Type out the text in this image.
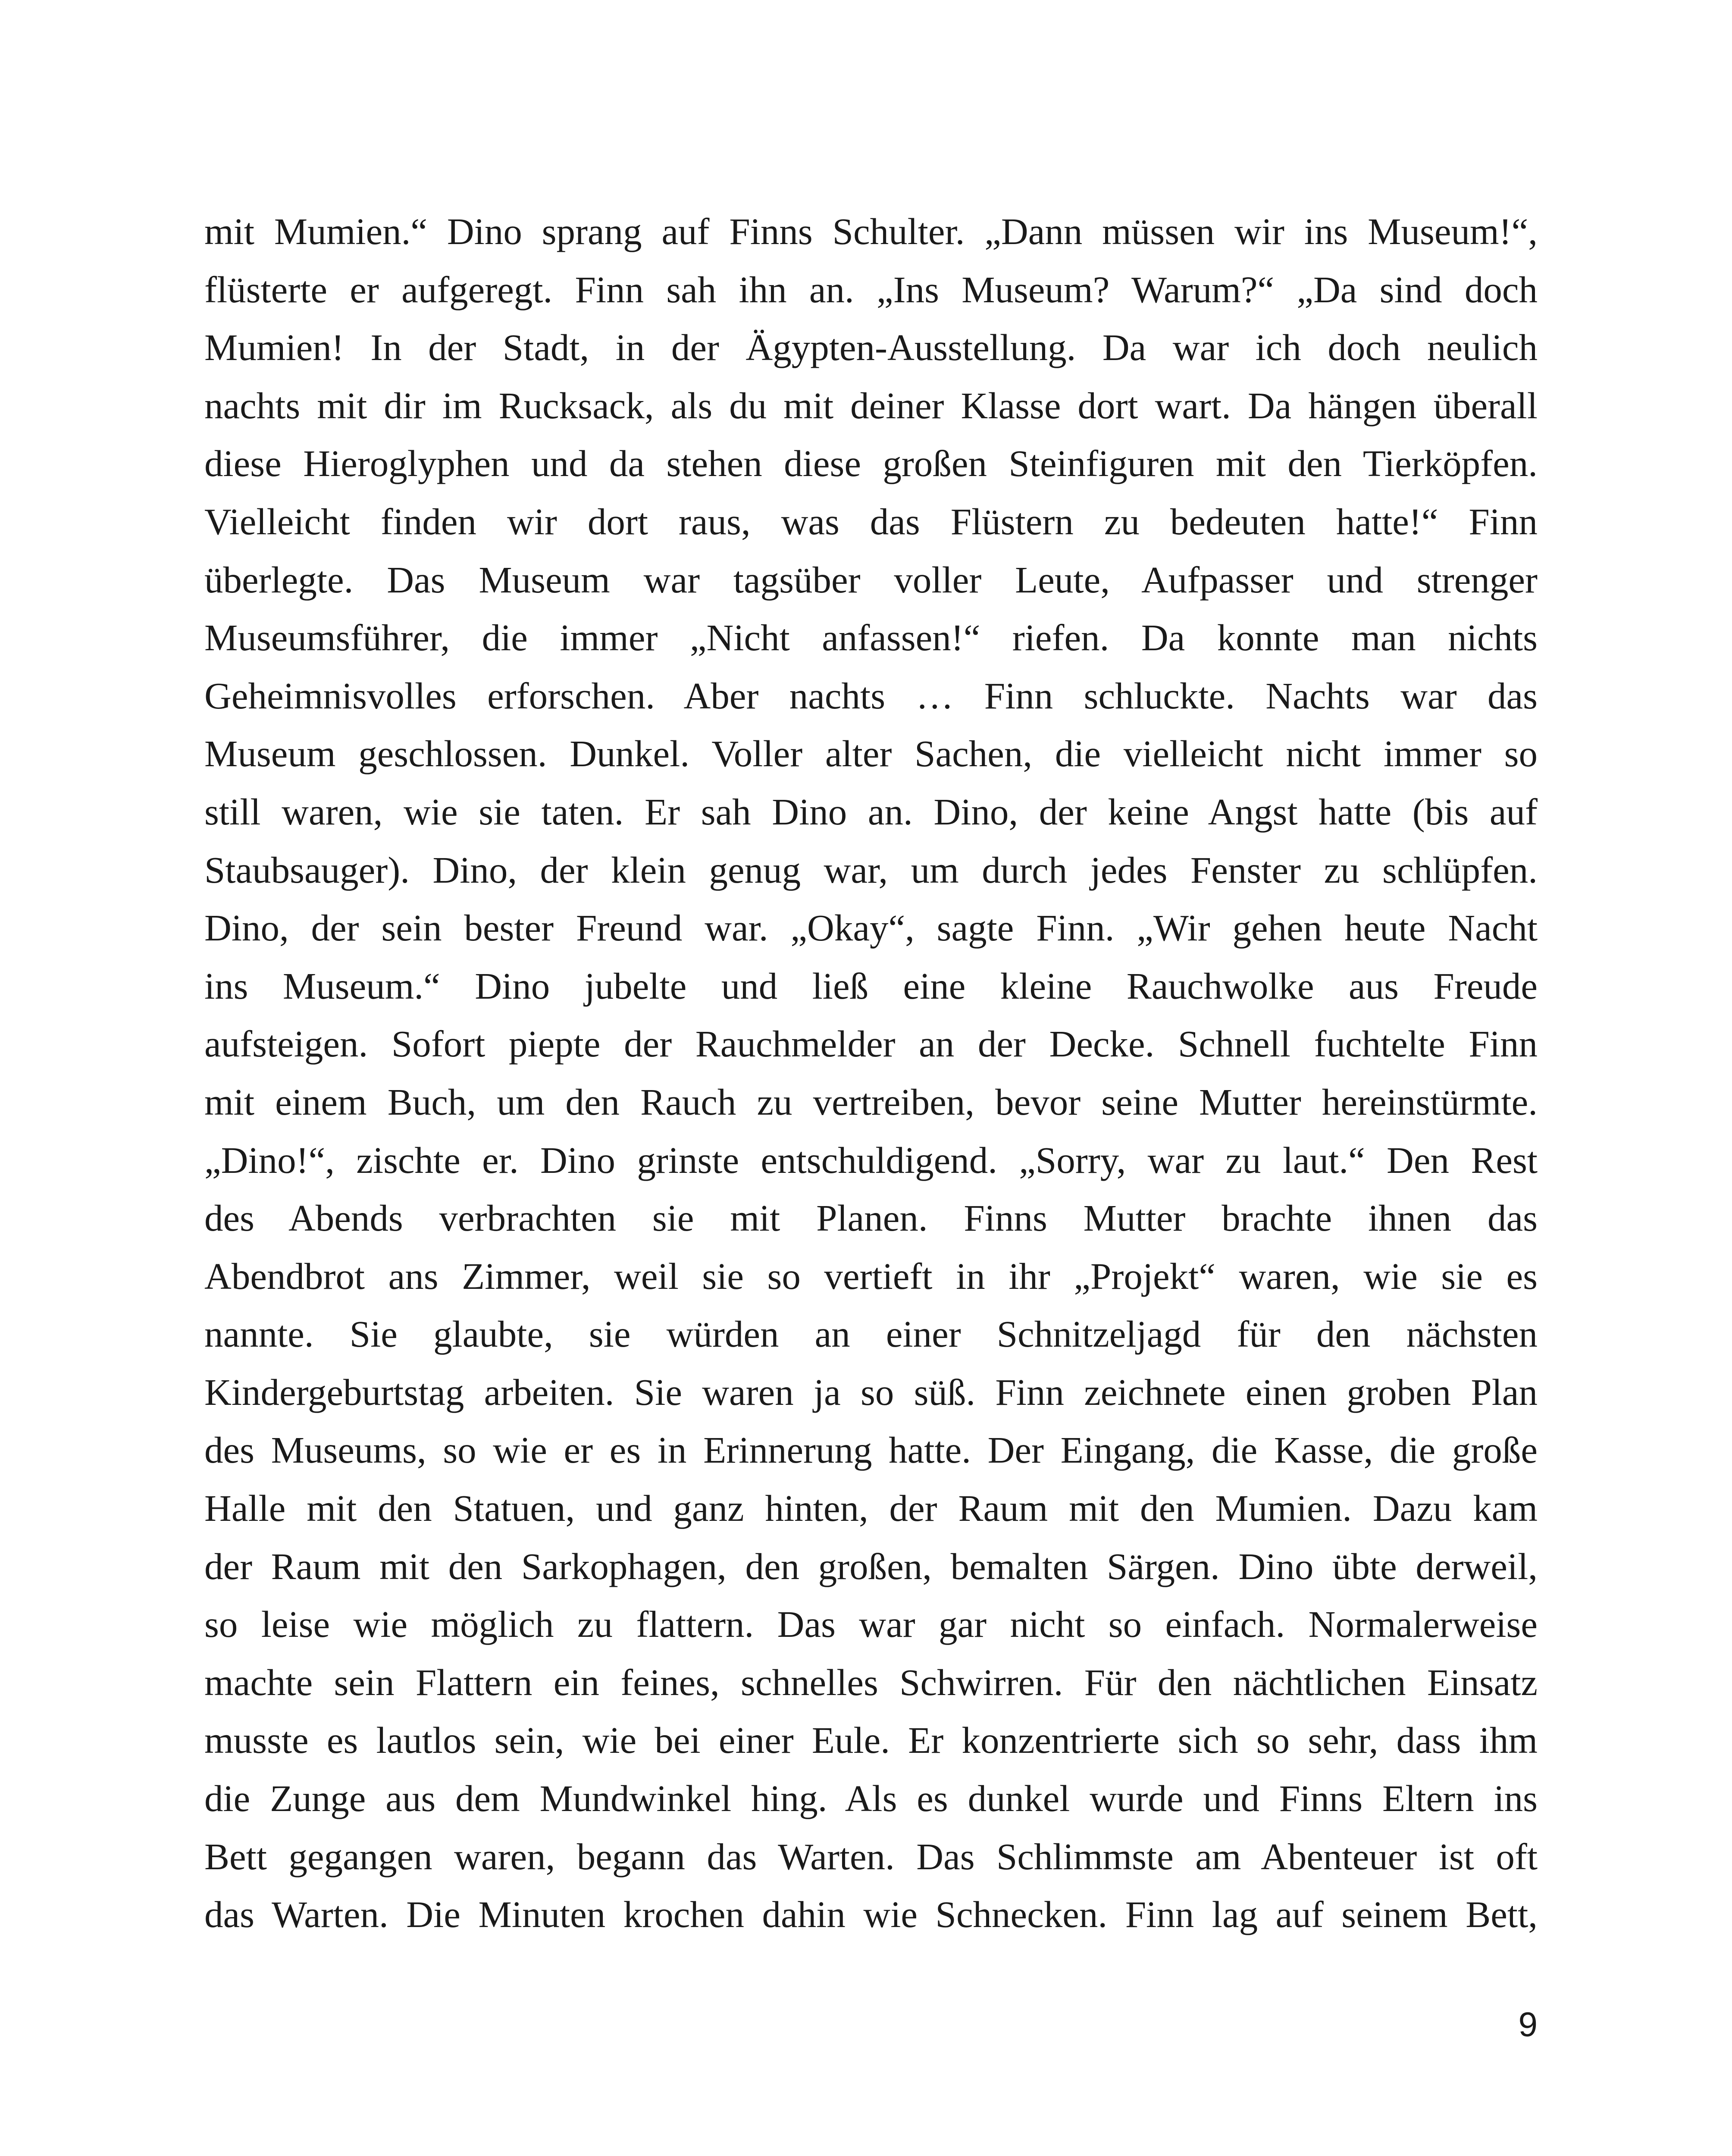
mit Mumien.“ Dino sprang auf Finns Schulter. „Dann müssen wir ins Museum!“,
flüsterte er aufgeregt. Finn sah ihn an. „Ins Museum? Warum?“ „Da sind doch
Mumien! In der Stadt, in der Ägypten-Ausstellung. Da war ich doch neulich
nachts mit dir im Rucksack, als du mit deiner Klasse dort wart. Da hängen überall
diese Hieroglyphen und da stehen diese großen Steinfiguren mit den Tierköpfen.
Vielleicht finden wir dort raus, was das Flüstern zu bedeuten hatte!“ Finn
überlegte. Das Museum war tagsüber voller Leute, Aufpasser und strenger
Museumsführer, die immer „Nicht anfassen!“ riefen. Da konnte man nichts
Geheimnisvolles erforschen. Aber nachts … Finn schluckte. Nachts war das
Museum geschlossen. Dunkel. Voller alter Sachen, die vielleicht nicht immer so
still waren, wie sie taten. Er sah Dino an. Dino, der keine Angst hatte (bis auf
Staubsauger). Dino, der klein genug war, um durch jedes Fenster zu schlüpfen.
Dino, der sein bester Freund war. „Okay“, sagte Finn. „Wir gehen heute Nacht
ins Museum.“ Dino jubelte und ließ eine kleine Rauchwolke aus Freude
aufsteigen. Sofort piepte der Rauchmelder an der Decke. Schnell fuchtelte Finn
mit einem Buch, um den Rauch zu vertreiben, bevor seine Mutter hereinstürmte.
„Dino!“, zischte er. Dino grinste entschuldigend. „Sorry, war zu laut.“ Den Rest
des Abends verbrachten sie mit Planen. Finns Mutter brachte ihnen das
Abendbrot ans Zimmer, weil sie so vertieft in ihr „Projekt“ waren, wie sie es
nannte. Sie glaubte, sie würden an einer Schnitzeljagd für den nächsten
Kindergeburtstag arbeiten. Sie waren ja so süß. Finn zeichnete einen groben Plan
des Museums, so wie er es in Erinnerung hatte. Der Eingang, die Kasse, die große
Halle mit den Statuen, und ganz hinten, der Raum mit den Mumien. Dazu kam
der Raum mit den Sarkophagen, den großen, bemalten Särgen. Dino übte derweil,
so leise wie möglich zu flattern. Das war gar nicht so einfach. Normalerweise
machte sein Flattern ein feines, schnelles Schwirren. Für den nächtlichen Einsatz
musste es lautlos sein, wie bei einer Eule. Er konzentrierte sich so sehr, dass ihm
die Zunge aus dem Mundwinkel hing. Als es dunkel wurde und Finns Eltern ins
Bett gegangen waren, begann das Warten. Das Schlimmste am Abenteuer ist oft
das Warten. Die Minuten krochen dahin wie Schnecken. Finn lag auf seinem Bett,
9
